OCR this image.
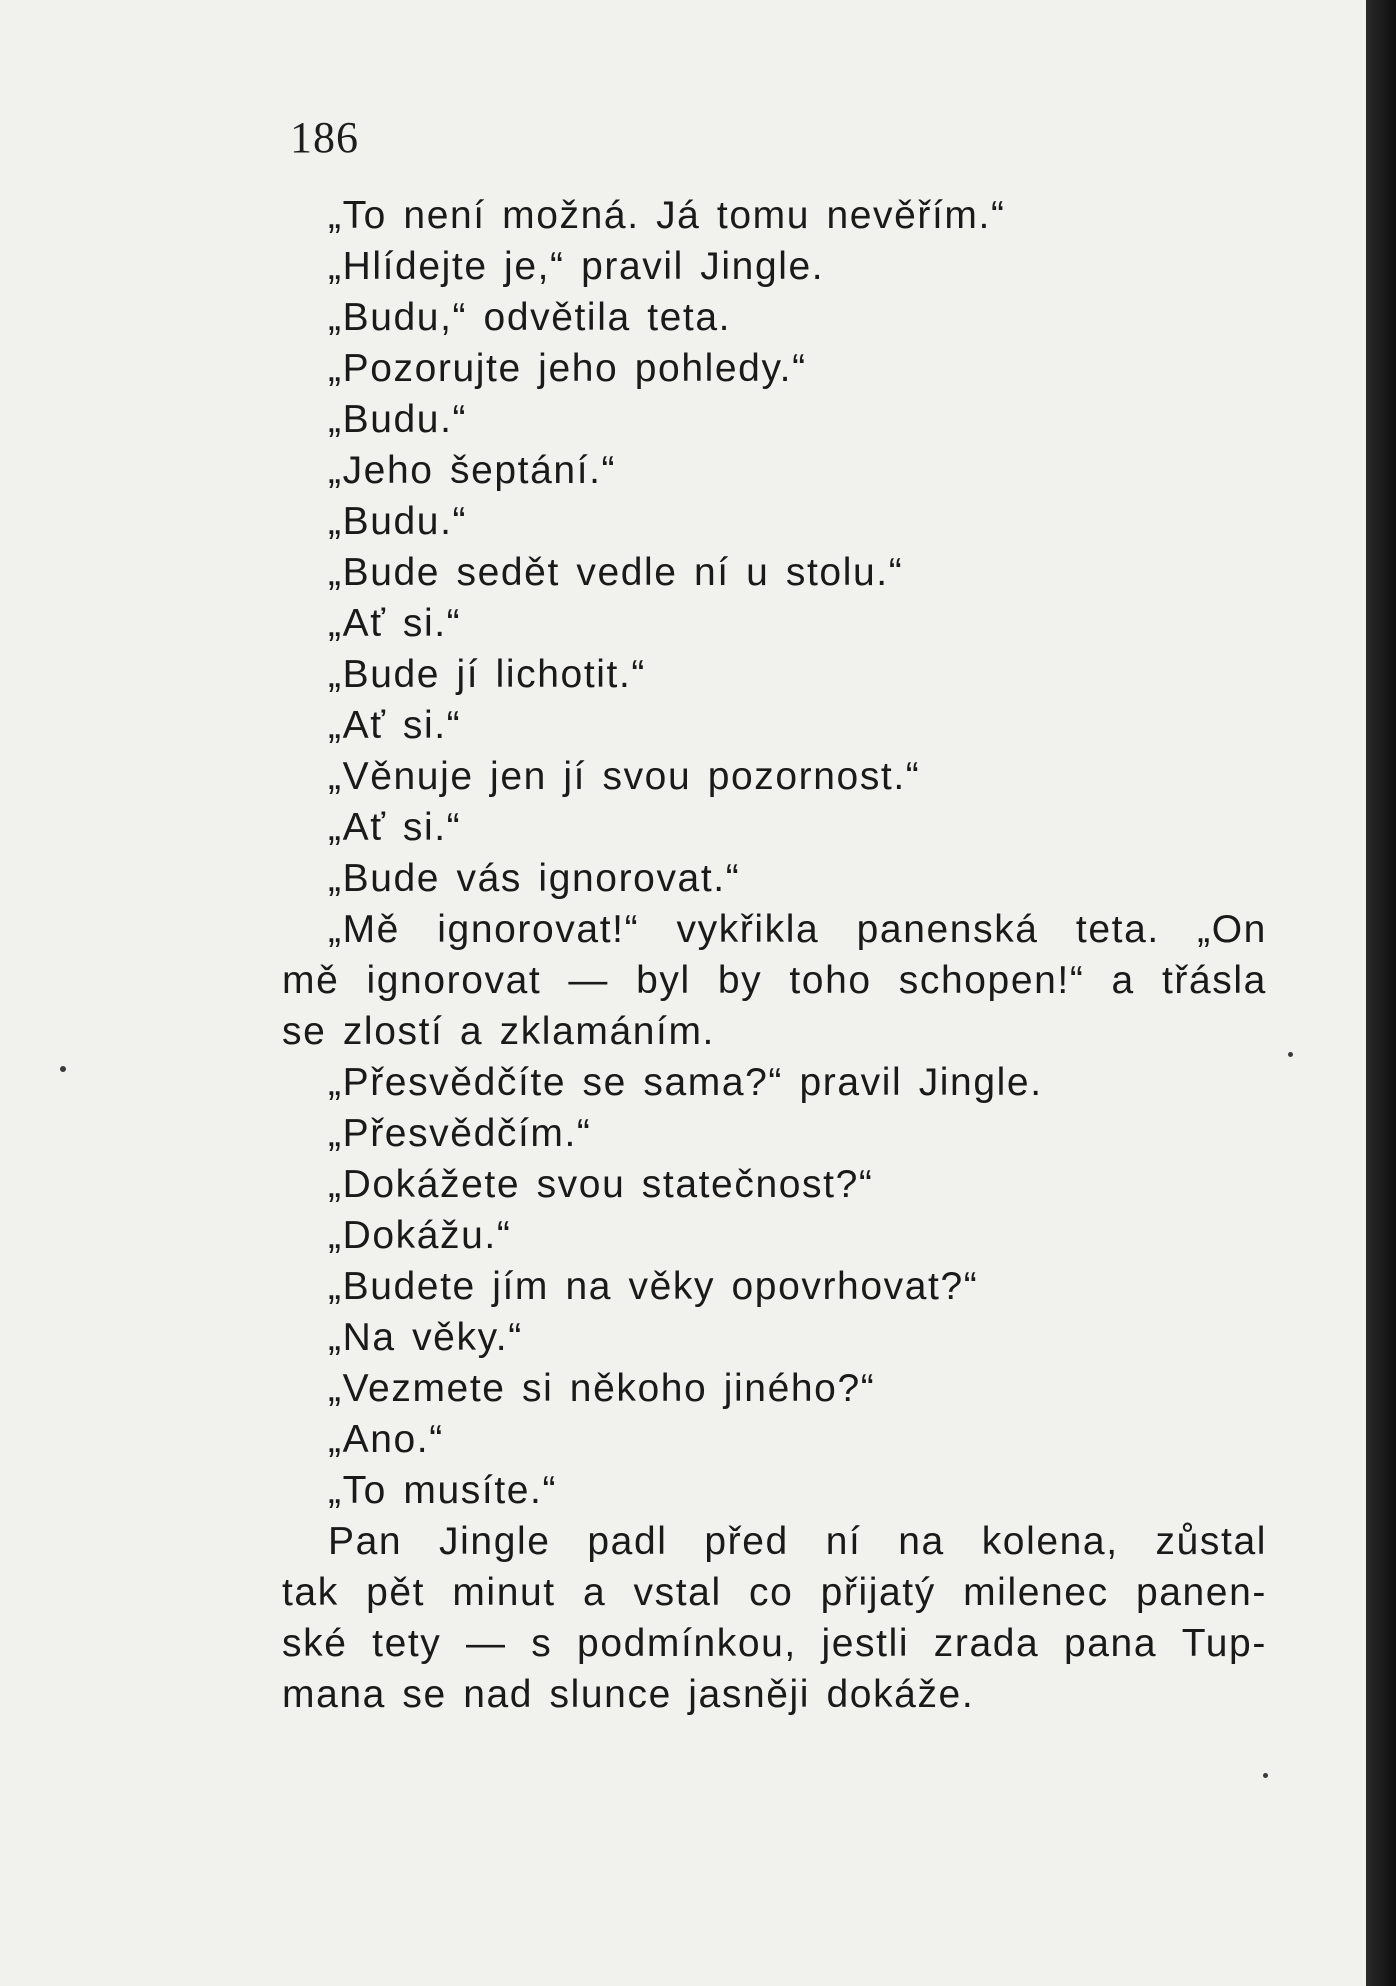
186
„To není možná. Já tomu nevěřím.“
„Hlídejte je,“ pravil Jingle.
„Budu,“ odvětila teta.
„Pozorujte jeho pohledy.“
„Budu.“
„Jeho šeptání.“
„Budu.“
„Bude sedět vedle ní u stolu.“
„Ať si.“
„Bude jí lichotit.“
„Ať si.“
„Věnuje jen jí svou pozornost.“
„Ať si.“
„Bude vás ignorovat.“
„Mě ignorovat!“ vykřikla panenská teta. „On
mě ignorovat — byl by toho schopen!“ a třásla
se zlostí a zklamáním.
„Přesvědčíte se sama?“ pravil Jingle.
„Přesvědčím.“
„Dokážete svou statečnost?“
„Dokážu.“
„Budete jím na věky opovrhovat?“
„Na věky.“
„Vezmete si někoho jiného?“
„Ano.“
„To musíte.“
Pan Jingle padl před ní na kolena, zůstal
tak pět minut a vstal co přijatý milenec panen-
ské tety — s podmínkou, jestli zrada pana Tup-
mana se nad slunce jasněji dokáže.
